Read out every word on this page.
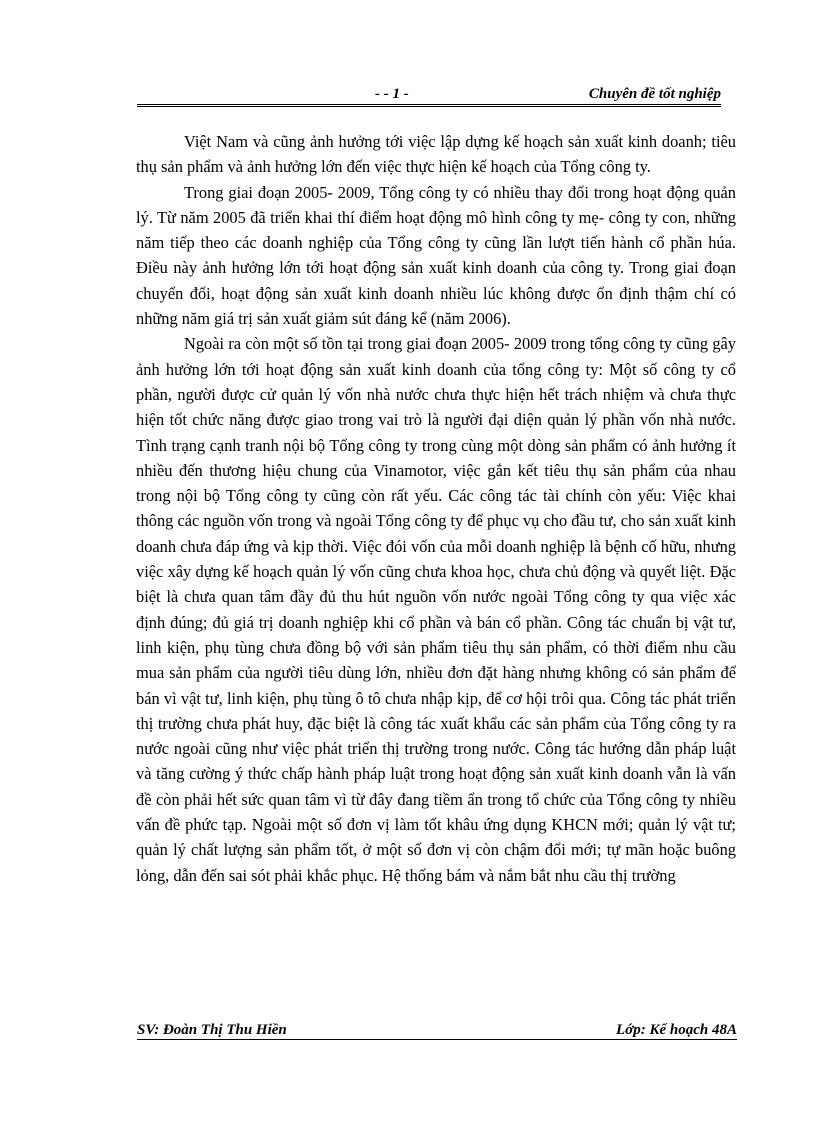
- - 1 -	Chuyên đề tốt nghiệp

Việt Nam và cũng ảnh hưởng tới việc lập dựng kế hoạch sản xuất kinh doanh; tiêu thụ sản phẩm và ảnh hưởng lớn đến việc thực hiện kế hoạch của Tổng công ty.

Trong giai đoạn 2005- 2009, Tổng công ty có nhiều thay đổi trong hoạt động quản lý. Từ năm 2005 đã triển khai thí điểm hoạt động mô hình công ty mẹ- công ty con, những năm tiếp theo các doanh nghiệp của Tổng công ty cũng lần lượt tiến hành cổ phần húa. Điều này ảnh hưởng lớn tới hoạt động sản xuất kinh doanh của công ty. Trong giai đoạn chuyển đổi, hoạt động sản xuất kinh doanh nhiều lúc không được ổn định thậm chí có những năm giá trị sản xuất giảm sút đáng kể (năm 2006).

Ngoài ra còn một số tồn tại trong giai đoạn 2005- 2009 trong tổng công ty cũng gây ảnh hưởng lớn tới hoạt động sản xuất kinh doanh của tổng công ty: Một số công ty cổ phần, người được cử quản lý vốn nhà nước chưa thực hiện hết trách nhiệm và chưa thực hiện tốt chức năng được giao trong vai trò là người đại diện quản lý phần vốn nhà nước. Tình trạng cạnh tranh nội bộ Tổng công ty trong cùng một dòng sản phẩm có ảnh hưởng ít nhiều đến thương hiệu chung của Vinamotor, việc gắn kết tiêu thụ sản phẩm của nhau trong nội bộ Tổng công ty cũng còn rất yếu. Các công tác tài chính còn yếu: Việc khai thông các nguồn vốn trong và ngoài Tổng công ty để phục vụ cho đầu tư, cho sản xuất kinh doanh chưa đáp ứng và kịp thời. Việc đói vốn của mỗi doanh nghiệp là bệnh cố hữu, nhưng việc xây dựng kế hoạch quản lý vốn cũng chưa khoa học, chưa chủ động và quyết liệt. Đặc biệt là chưa quan tâm đầy đủ thu hút nguồn vốn nước ngoài Tổng công ty qua việc xác định đúng; đủ giá trị doanh nghiệp khi cổ phần và bán cổ phần. Công tác chuẩn bị vật tư, linh kiện, phụ tùng chưa đồng bộ với sản phẩm tiêu thụ sản phẩm, có thời điểm nhu cầu mua sản phẩm của người tiêu dùng lớn, nhiều đơn đặt hàng nhưng không có sản phẩm để bán vì vật tư, linh kiện, phụ tùng ô tô chưa nhập kịp, để cơ hội trôi qua. Công tác phát triển thị trường chưa phát huy, đặc biệt là công tác xuất khẩu các sản phẩm của Tổng công ty ra nước ngoài cũng như việc phát triển thị trường trong nước. Công tác hướng dẫn pháp luật và tăng cường ý thức chấp hành pháp luật trong hoạt động sản xuất kinh doanh vẫn là vấn đề còn phải hết sức quan tâm vì từ đây đang tiềm ẩn trong tổ chức của Tổng công ty nhiều vấn đề phức tạp. Ngoài một số đơn vị làm tốt khâu ứng dụng KHCN mới; quản lý vật tư; quản lý chất lượng sản phẩm tốt, ở một số đơn vị còn chậm đổi mới; tự mãn hoặc buông lỏng, dẫn đến sai sót phải khắc phục. Hệ thống bám và nắm bắt nhu cầu thị trường

SV: Đoàn Thị Thu Hiền	Lớp: Kế hoạch 48A
